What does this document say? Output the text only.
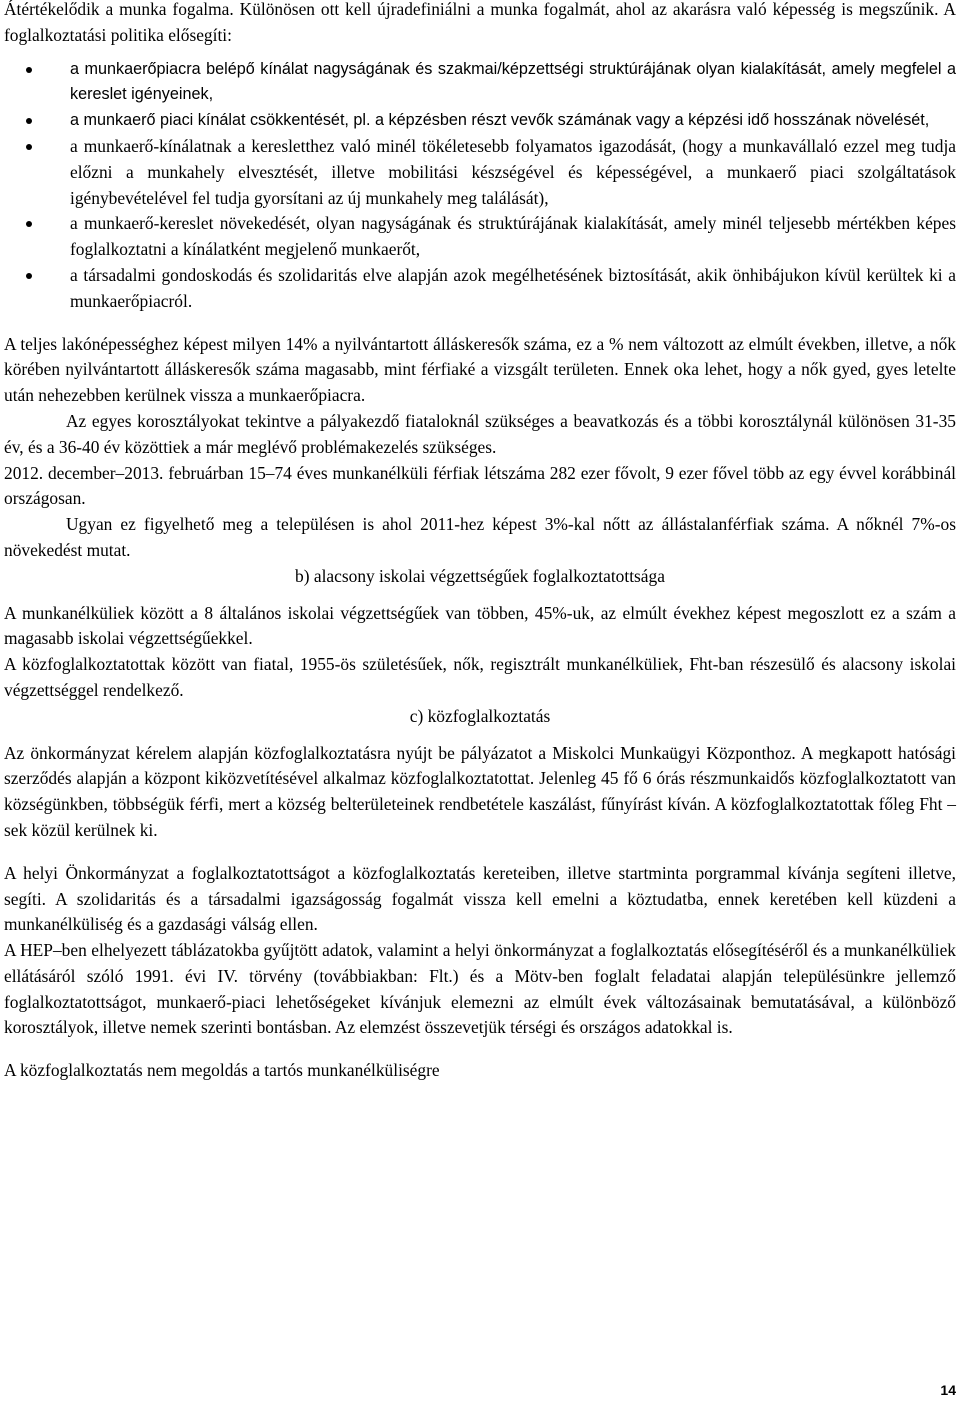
Átértékelődik a munka fogalma. Különösen ott kell újradefiniálni a munka fogalmát, ahol az akarásra való képesség is megszűnik. A foglalkoztatási politika elősegíti:

a munkaerőpiacra belépő kínálat nagyságának és szakmai/képzettségi struktúrájának olyan kialakítását, amely megfelel a kereslet igényeinek,
a munkaerő piaci kínálat csökkentését, pl. a képzésben részt vevők számának vagy a képzési idő hosszának növelését,
a munkaerő-kínálatnak a keresletthez való minél tökéletesebb folyamatos igazodását, (hogy a munkavállaló ezzel meg tudja előzni a munkahely elvesztését, illetve mobilitási készségével és képességével, a munkaerő piaci szolgáltatások igénybevételével fel tudja gyorsítani az új munkahely meg találását),
a munkaerő-kereslet növekedését, olyan nagyságának és struktúrájának kialakítását, amely minél teljesebb mértékben képes foglalkoztatni a kínálatként megjelenő munkaerőt,
a társadalmi gondoskodás és szolidaritás elve alapján azok megélhetésének biztosítását, akik önhibájukon kívül kerültek ki a munkaerőpiacról.

A teljes lakónépességhez képest milyen 14% a nyilvántartott álláskeresők száma, ez a % nem változott az elmúlt években, illetve, a nők körében nyilvántartott álláskeresők száma magasabb, mint férfiaké a vizsgált területen. Ennek oka lehet, hogy a nők gyed, gyes letelte után nehezebben kerülnek vissza a munkaerőpiacra.

Az egyes korosztályokat tekintve a pályakezdő fiataloknál szükséges a beavatkozás és a többi korosztálynál különösen 31-35 év, és a 36-40 év közöttiek a már meglévő problémakezelés szükséges.

2012. december–2013. februárban 15–74 éves munkanélküli férfiak létszáma 282 ezer fővolt, 9 ezer fővel több az egy évvel korábbinál országosan.

Ugyan ez figyelhető meg a településen is ahol 2011-hez képest 3%-kal nőtt az állástalanférfiak száma. A nőknél 7%-os növekedést mutat.

b) alacsony iskolai végzettségűek foglalkoztatottsága

A munkanélküliek között a 8 általános iskolai végzettségűek van többen, 45%-uk, az elmúlt évekhez képest megoszlott ez a szám a magasabb iskolai végzettségűekkel.

A közfoglalkoztatottak között van fiatal, 1955-ös születésűek, nők, regisztrált munkanélküliek, Fht-ban részesülő és alacsony iskolai végzettséggel rendelkező.

c) közfoglalkoztatás

Az önkormányzat kérelem alapján közfoglalkoztatásra nyújt be pályázatot a Miskolci Munkaügyi Központhoz. A megkapott hatósági szerződés alapján a központ kiközvetítésével alkalmaz közfoglalkoztatottat. Jelenleg 45 fő 6 órás részmunkaidős közfoglalkoztatott van községünkben, többségük férfi, mert a község belterületeinek rendbetétele kaszálást, fűnyírást kíván. A közfoglalkoztatottak főleg Fht –sek közül kerülnek ki.

A helyi Önkormányzat a foglalkoztatottságot a közfoglalkoztatás kereteiben, illetve startminta porgrammal kívánja segíteni illetve, segíti. A szolidaritás és a társadalmi igazságosság fogalmát vissza kell emelni a köztudatba, ennek keretében kell küzdeni a munkanélküliség és a gazdasági válság ellen.

A HEP–ben elhelyezett táblázatokba gyűjtött adatok, valamint a helyi önkormányzat a foglalkoztatás elősegítéséről és a munkanélküliek ellátásáról szóló 1991. évi IV. törvény (továbbiakban: Flt.) és a Mötv-ben foglalt feladatai alapján településünkre jellemző foglalkoztatottságot, munkaerő-piaci lehetőségeket kívánjuk elemezni az elmúlt évek változásainak bemutatásával, a különböző korosztályok, illetve nemek szerinti bontásban. Az elemzést összevetjük térségi és országos adatokkal is.

A közfoglalkoztatás nem megoldás a tartós munkanélküliségre

14
